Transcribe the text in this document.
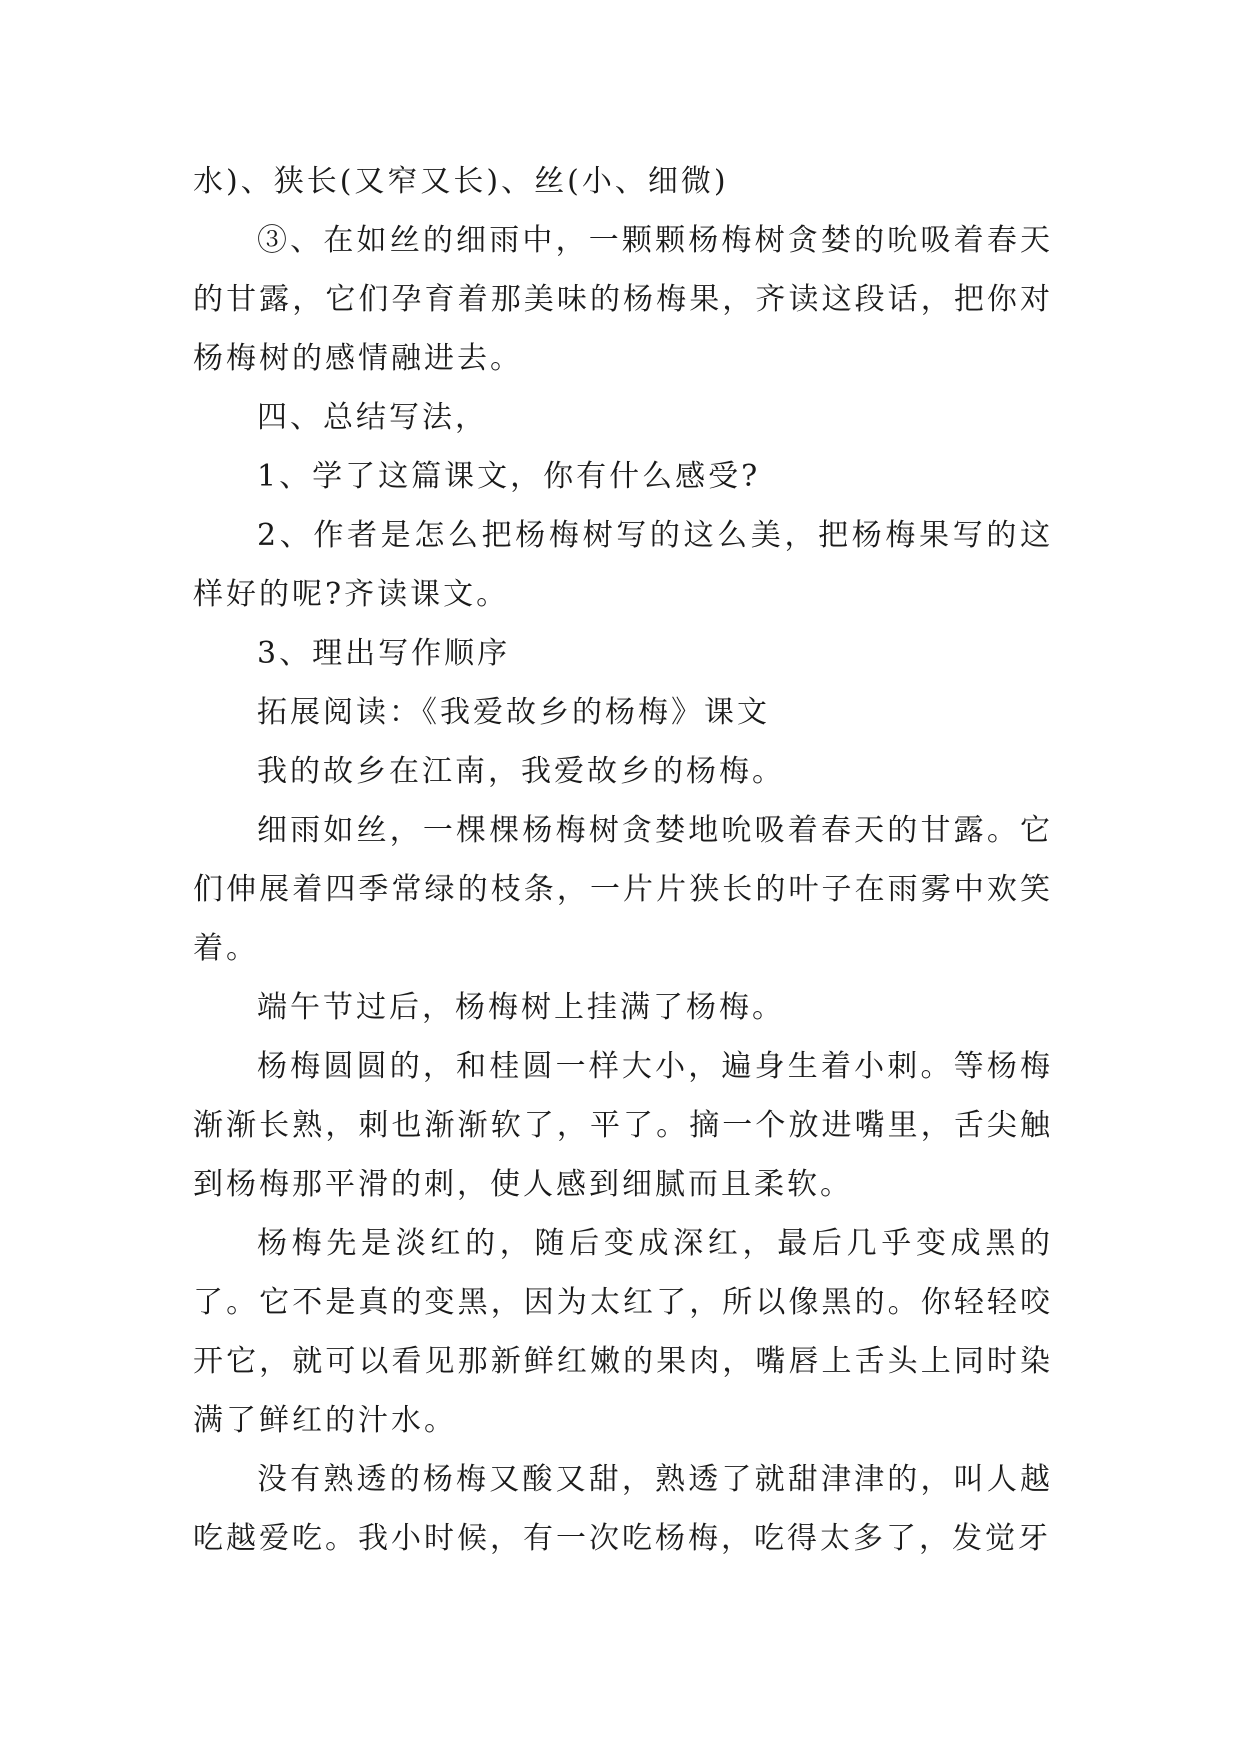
水)、狭长(又窄又长)、丝(小、细微)

③、在如丝的细雨中，一颗颗杨梅树贪婪的吮吸着春天的甘露，它们孕育着那美味的杨梅果，齐读这段话，把你对杨梅树的感情融进去。

四、总结写法，

1、学了这篇课文，你有什么感受?

2、作者是怎么把杨梅树写的这么美，把杨梅果写的这样好的呢?齐读课文。

3、理出写作顺序

拓展阅读：《我爱故乡的杨梅》课文

我的故乡在江南，我爱故乡的杨梅。

细雨如丝，一棵棵杨梅树贪婪地吮吸着春天的甘露。它们伸展着四季常绿的枝条，一片片狭长的叶子在雨雾中欢笑着。

端午节过后，杨梅树上挂满了杨梅。

杨梅圆圆的，和桂圆一样大小，遍身生着小刺。等杨梅渐渐长熟，刺也渐渐软了，平了。摘一个放进嘴里，舌尖触到杨梅那平滑的刺，使人感到细腻而且柔软。

杨梅先是淡红的，随后变成深红，最后几乎变成黑的了。它不是真的变黑，因为太红了，所以像黑的。你轻轻咬开它，就可以看见那新鲜红嫩的果肉，嘴唇上舌头上同时染满了鲜红的汁水。

没有熟透的杨梅又酸又甜，熟透了就甜津津的，叫人越吃越爱吃。我小时候，有一次吃杨梅，吃得太多了，发觉牙
